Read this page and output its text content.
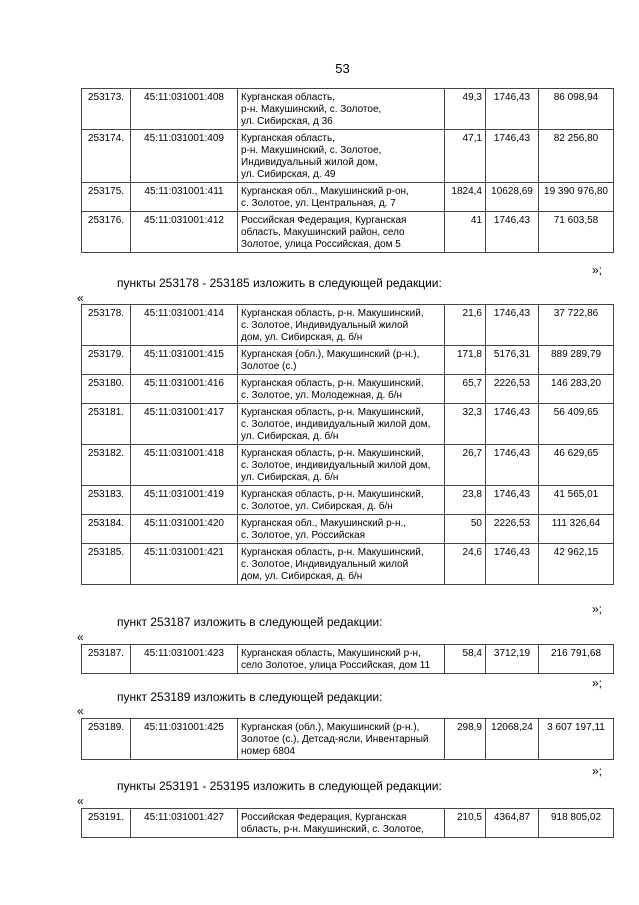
53
253173.	45:11:031001:408	Курганская область,
р-н. Макушинский, с. Золотое,
ул. Сибирская, д 36	49,3	1746,43	86 098,94
253174.	45:11:031001:409	Курганская область,
р-н. Макушинский, с. Золотое,
Индивидуальный жилой дом,
ул. Сибирская, д. 49	47,1	1746,43	82 256,80
253175.	45:11:031001:411	Курганская обл., Макушинский р-он,
с. Золотое, ул. Центральная, д. 7	1824,4	10628,69	19 390 976,80
253176.	45:11:031001:412	Российская Федерация, Курганская
область, Макушинский район, село
Золотое, улица Российская, дом 5	41	1746,43	71 603,58
»;
пункты 253178 - 253185 изложить в следующей редакции:
«
253178.	45:11:031001:414	Курганская область, р-н. Макушинский,
с. Золотое, Индивидуальный жилой
дом, ул. Сибирская, д. б/н	21,6	1746,43	37 722,86
253179.	45:11:031001:415	Курганская (обл.), Макушинский (р-н.),
Золотое (с.)	171,8	5176,31	889 289,79
253180.	45:11:031001:416	Курганская область, р-н. Макушинский,
с. Золотое, ул. Молодежная, д. б/н	65,7	2226,53	146 283,20
253181.	45:11:031001:417	Курганская область, р-н. Макушинский,
с. Золотое, индивидуальный жилой дом,
ул. Сибирская, д. б/н	32,3	1746,43	56 409,65
253182.	45:11:031001:418	Курганская область, р-н. Макушинский,
с. Золотое, индивидуальный жилой дом,
ул. Сибирская, д. б/н	26,7	1746,43	46 629,65
253183.	45:11:031001:419	Курганская область, р-н. Макушинский,
с. Золотое, ул. Сибирская, д. б/н	23,8	1746,43	41 565,01
253184.	45:11:031001:420	Курганская обл., Макушинский р-н.,
с. Золотое, ул. Российская	50	2226,53	111 326,64
253185.	45:11:031001:421	Курганская область, р-н. Макушинский,
с. Золотое, Индивидуальный жилой
дом, ул. Сибирская, д. б/н	24,6	1746,43	42 962,15
»;
пункт 253187 изложить в следующей редакции:
«
253187.	45:11:031001:423	Курганская область, Макушинский р-н,
село Золотое, улица Российская, дом 11	58,4	3712,19	216 791,68
»;
пункт 253189 изложить в следующей редакции:
«
253189.	45:11:031001:425	Курганская (обл.), Макушинский (р-н.),
Золотое (с.), Детсад-ясли, Инвентарный
номер 6804	298,9	12068,24	3 607 197,11
»;
пункты 253191 - 253195 изложить в следующей редакции:
«
253191.	45:11:031001:427	Российская Федерация, Курганская
область, р-н. Макушинский, с. Золотое,	210,5	4364,87	918 805,02
